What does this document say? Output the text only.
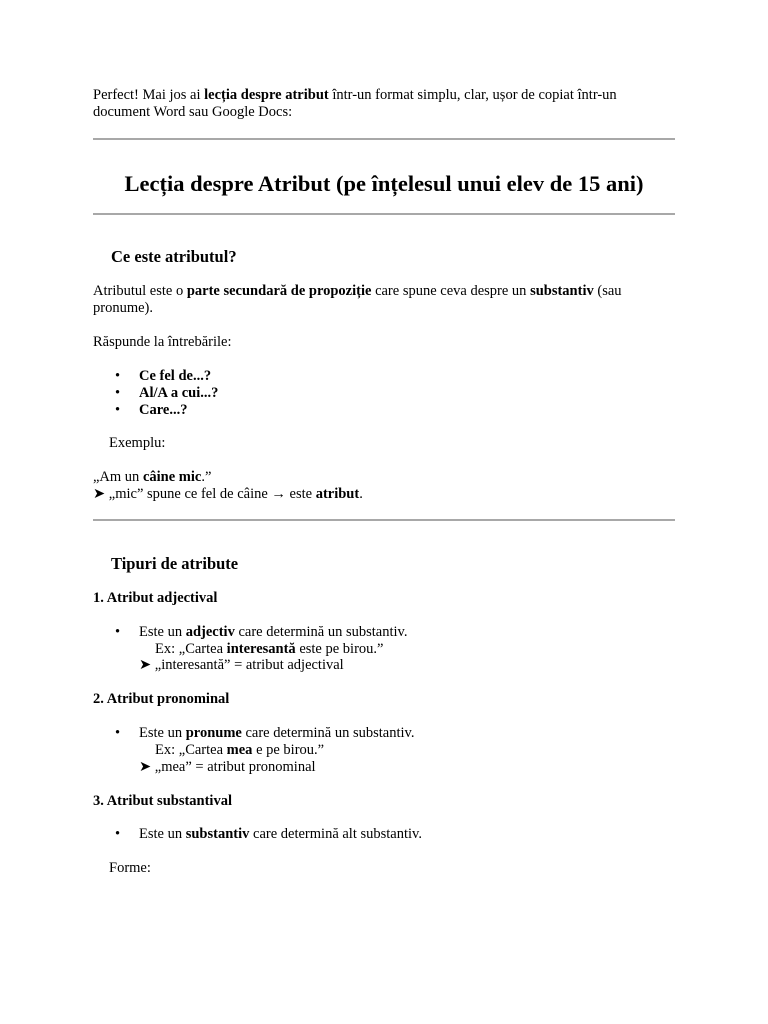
Perfect! Mai jos ai lecția despre atribut într-un format simplu, clar, ușor de copiat într-un document Word sau Google Docs:

Lecția despre Atribut (pe înțelesul unui elev de 15 ani)
Ce este atributul?

Atributul este o parte secundară de propoziție care spune ceva despre un substantiv (sau pronume).

Răspunde la întrebările:

• Ce fel de...?
• Al/A a cui...?
• Care...?

Exemplu:

„Am un câine mic.”

➤ „mic” spune ce fel de câine → este atribut.

Tipuri de atribute
1. Atribut adjectival
• Este un adjectiv care determină un substantiv.

Ex: „Cartea interesantă este pe birou.”

➤ „interesantă” = atribut adjectival

2. Atribut pronominal
• Este un pronume care determină un substantiv.

Ex: „Cartea mea e pe birou.”

➤ „mea” = atribut pronominal

3. Atribut substantival
• Este un substantiv care determină alt substantiv.

Forme:
